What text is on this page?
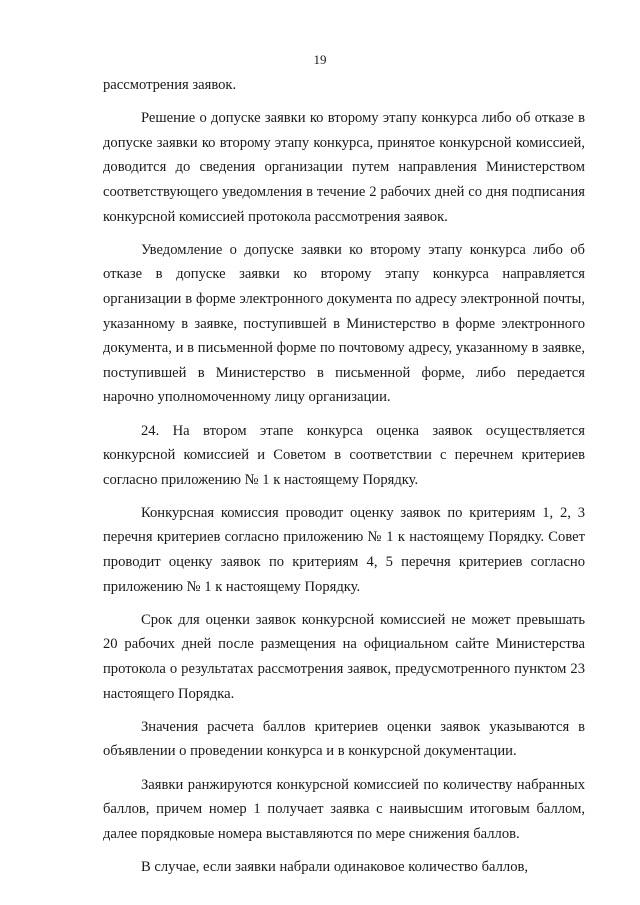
19

рассмотрения заявок.

Решение о допуске заявки ко второму этапу конкурса либо об отказе в допуске заявки ко второму этапу конкурса, принятое конкурсной комиссией, доводится до сведения организации путем направления Министерством соответствующего уведомления в течение 2 рабочих дней со дня подписания конкурсной комиссией протокола рассмотрения заявок.

Уведомление о допуске заявки ко второму этапу конкурса либо об отказе в допуске заявки ко второму этапу конкурса направляется организации в форме электронного документа по адресу электронной почты, указанному в заявке, поступившей в Министерство в форме электронного документа, и в письменной форме по почтовому адресу, указанному в заявке, поступившей в Министерство в письменной форме, либо передается нарочно уполномоченному лицу организации.

24. На втором этапе конкурса оценка заявок осуществляется конкурсной комиссией и Советом в соответствии с перечнем критериев согласно приложению № 1 к настоящему Порядку.

Конкурсная комиссия проводит оценку заявок по критериям 1, 2, 3 перечня критериев согласно приложению № 1 к настоящему Порядку. Совет проводит оценку заявок по критериям 4, 5 перечня критериев согласно приложению № 1 к настоящему Порядку.

Срок для оценки заявок конкурсной комиссией не может превышать 20 рабочих дней после размещения на официальном сайте Министерства протокола о результатах рассмотрения заявок, предусмотренного пунктом 23 настоящего Порядка.

Значения расчета баллов критериев оценки заявок указываются в объявлении о проведении конкурса и в конкурсной документации.

Заявки ранжируются конкурсной комиссией по количеству набранных баллов, причем номер 1 получает заявка с наивысшим итоговым баллом, далее порядковые номера выставляются по мере снижения баллов.

В случае, если заявки набрали одинаковое количество баллов,
